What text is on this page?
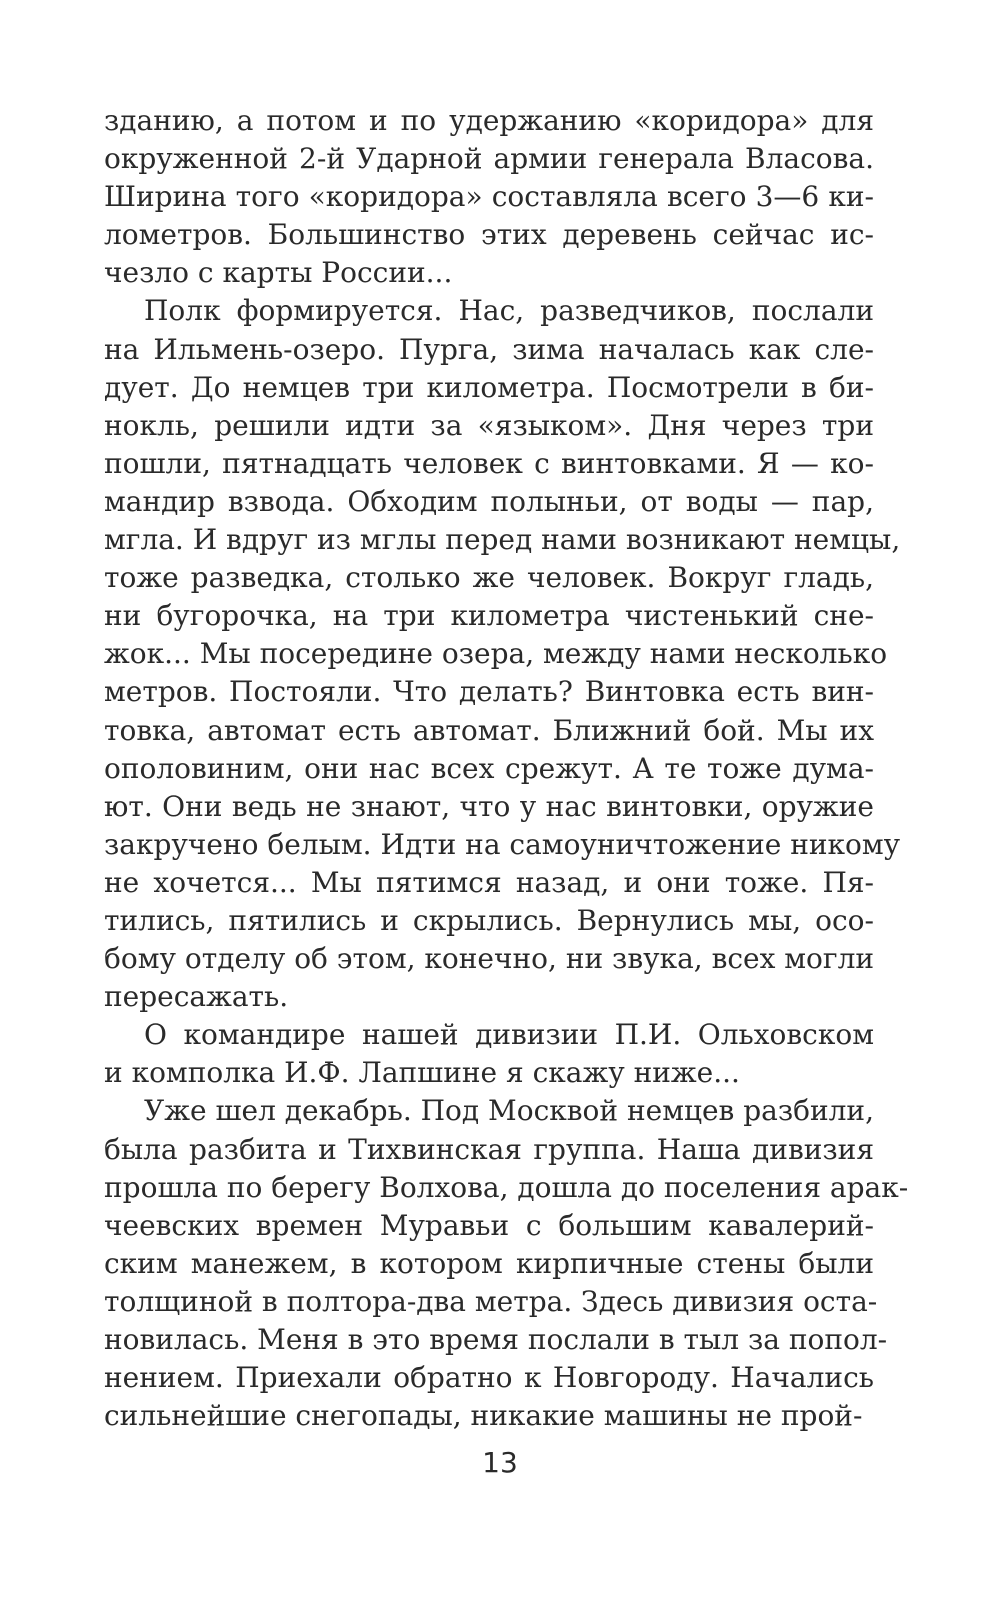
зданию, а потом и по удержанию «коридора» для
окруженной 2-й Ударной армии генерала Власова.
Ширина того «коридора» составляла всего 3—6 ки-
лометров. Большинство этих деревень сейчас ис-
чезло с карты России...
Полк формируется. Нас, разведчиков, послали
на Ильмень-озеро. Пурга, зима началась как сле-
дует. До немцев три километра. Посмотрели в би-
нокль, решили идти за «языком». Дня через три
пошли, пятнадцать человек с винтовками. Я — ко-
мандир взвода. Обходим полыньи, от воды — пар,
мгла. И вдруг из мглы перед нами возникают немцы,
тоже разведка, столько же человек. Вокруг гладь,
ни бугорочка, на три километра чистенький сне-
жок... Мы посередине озера, между нами несколько
метров. Постояли. Что делать? Винтовка есть вин-
товка, автомат есть автомат. Ближний бой. Мы их
ополовиним, они нас всех срежут. А те тоже дума-
ют. Они ведь не знают, что у нас винтовки, оружие
закручено белым. Идти на самоуничтожение никому
не хочется... Мы пятимся назад, и они тоже. Пя-
тились, пятились и скрылись. Вернулись мы, осо-
бому отделу об этом, конечно, ни звука, всех могли
пересажать.
О командире нашей дивизии П.И. Ольховском
и комполка И.Ф. Лапшине я скажу ниже...
Уже шел декабрь. Под Москвой немцев разбили,
была разбита и Тихвинская группа. Наша дивизия
прошла по берегу Волхова, дошла до поселения арак-
чеевских времен Муравьи с большим кавалерий-
ским манежем, в котором кирпичные стены были
толщиной в полтора-два метра. Здесь дивизия оста-
новилась. Меня в это время послали в тыл за попол-
нением. Приехали обратно к Новгороду. Начались
сильнейшие снегопады, никакие машины не прой-
13
